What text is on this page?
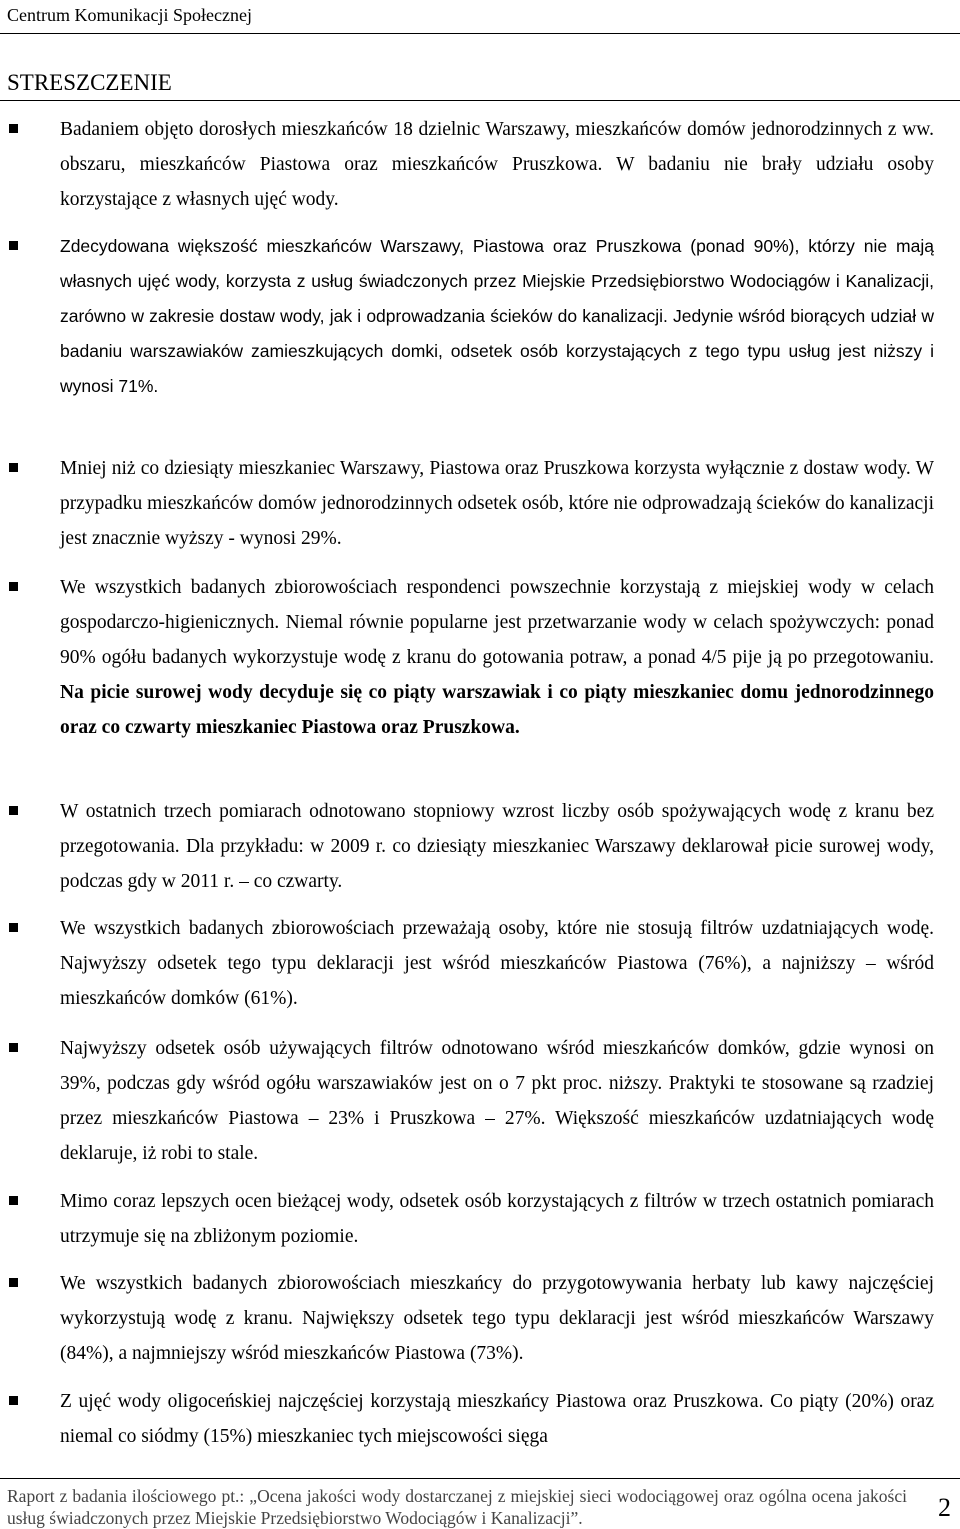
Centrum Komunikacji Społecznej
STRESZCZENIE

Badaniem objęto dorosłych mieszkańców 18 dzielnic Warszawy, mieszkańców domów jednorodzinnych z ww. obszaru, mieszkańców Piastowa oraz mieszkańców Pruszkowa. W badaniu nie brały udziału osoby korzystające z własnych ujęć wody.

Zdecydowana większość mieszkańców Warszawy, Piastowa oraz Pruszkowa (ponad 90%), którzy nie mają własnych ujęć wody, korzysta z usług świadczonych przez Miejskie Przedsiębiorstwo Wodociągów i Kanalizacji, zarówno w zakresie dostaw wody, jak i odprowadzania ścieków do kanalizacji. Jedynie wśród biorących udział w badaniu warszawiaków zamieszkujących domki, odsetek osób korzystających z tego typu usług jest niższy i wynosi 71%.

Mniej niż co dziesiąty mieszkaniec Warszawy, Piastowa oraz Pruszkowa korzysta wyłącznie z dostaw wody. W przypadku mieszkańców domów jednorodzinnych odsetek osób, które nie odprowadzają ścieków do kanalizacji jest znacznie wyższy - wynosi 29%.

We wszystkich badanych zbiorowościach respondenci powszechnie korzystają z miejskiej wody w celach gospodarczo-higienicznych. Niemal równie popularne jest przetwarzanie wody w celach spożywczych: ponad 90% ogółu badanych wykorzystuje wodę z kranu do gotowania potraw, a ponad 4/5 pije ją po przegotowaniu. Na picie surowej wody decyduje się co piąty warszawiak i co piąty mieszkaniec domu jednorodzinnego oraz co czwarty mieszkaniec Piastowa oraz Pruszkowa.

W ostatnich trzech pomiarach odnotowano stopniowy wzrost liczby osób spożywających wodę z kranu bez przegotowania. Dla przykładu: w 2009 r. co dziesiąty mieszkaniec Warszawy deklarował picie surowej wody, podczas gdy w 2011 r. – co czwarty.

We wszystkich badanych zbiorowościach przeważają osoby, które nie stosują filtrów uzdatniających wodę. Najwyższy odsetek tego typu deklaracji jest wśród mieszkańców Piastowa (76%), a najniższy – wśród mieszkańców domków (61%).

Najwyższy odsetek osób używających filtrów odnotowano wśród mieszkańców domków, gdzie wynosi on 39%, podczas gdy wśród ogółu warszawiaków jest on o 7 pkt proc. niższy. Praktyki te stosowane są rzadziej przez mieszkańców Piastowa – 23% i Pruszkowa – 27%. Większość mieszkańców uzdatniających wodę deklaruje, iż robi to stale.

Mimo coraz lepszych ocen bieżącej wody, odsetek osób korzystających z filtrów w trzech ostatnich pomiarach utrzymuje się na zbliżonym poziomie.

We wszystkich badanych zbiorowościach mieszkańcy do przygotowywania herbaty lub kawy najczęściej wykorzystują wodę z kranu. Największy odsetek tego typu deklaracji jest wśród mieszkańców Warszawy (84%), a najmniejszy wśród mieszkańców Piastowa (73%).

Z ujęć wody oligoceńskiej najczęściej korzystają mieszkańcy Piastowa oraz Pruszkowa. Co piąty (20%) oraz niemal co siódmy (15%) mieszkaniec tych miejscowości sięga

Raport z badania ilościowego pt.: „Ocena jakości wody dostarczanej z miejskiej sieci wodociągowej oraz ogólna ocena jakości usług świadczonych przez Miejskie Przedsiębiorstwo Wodociągów i Kanalizacji”.	2
